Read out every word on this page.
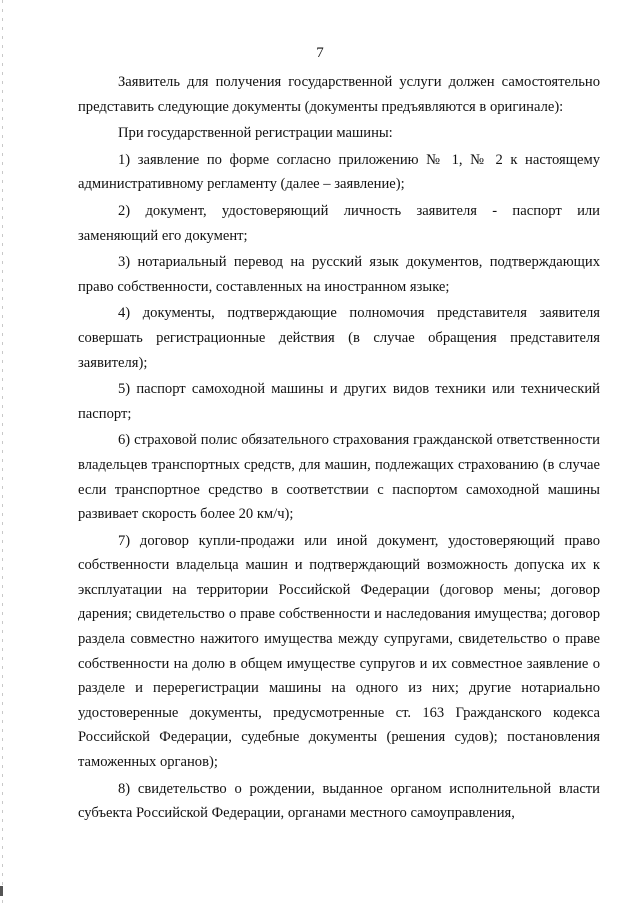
7

Заявитель для получения государственной услуги должен самостоятельно представить следующие документы (документы предъявляются в оригинале):

При государственной регистрации машины:

1) заявление по форме согласно приложению № 1, № 2 к настоящему административному регламенту (далее – заявление);

2) документ, удостоверяющий личность заявителя - паспорт или заменяющий его документ;

3) нотариальный перевод на русский язык документов, подтверждающих право собственности, составленных на иностранном языке;

4) документы, подтверждающие полномочия представителя заявителя совершать регистрационные действия (в случае обращения представителя заявителя);

5) паспорт самоходной машины и других видов техники или технический паспорт;

6) страховой полис обязательного страхования гражданской ответственности владельцев транспортных средств, для машин, подлежащих страхованию (в случае если транспортное средство в соответствии с паспортом самоходной машины развивает скорость более 20 км/ч);

7) договор купли-продажи или иной документ, удостоверяющий право собственности владельца машин и подтверждающий возможность допуска их к эксплуатации на территории Российской Федерации (договор мены; договор дарения; свидетельство о праве собственности и наследования имущества; договор раздела совместно нажитого имущества между супругами, свидетельство о праве собственности на долю в общем имуществе супругов и их совместное заявление о разделе и перерегистрации машины на одного из них; другие нотариально удостоверенные документы, предусмотренные ст. 163 Гражданского кодекса Российской Федерации, судебные документы (решения судов); постановления таможенных органов);

8) свидетельство о рождении, выданное органом исполнительной власти субъекта Российской Федерации, органами местного самоуправления,
